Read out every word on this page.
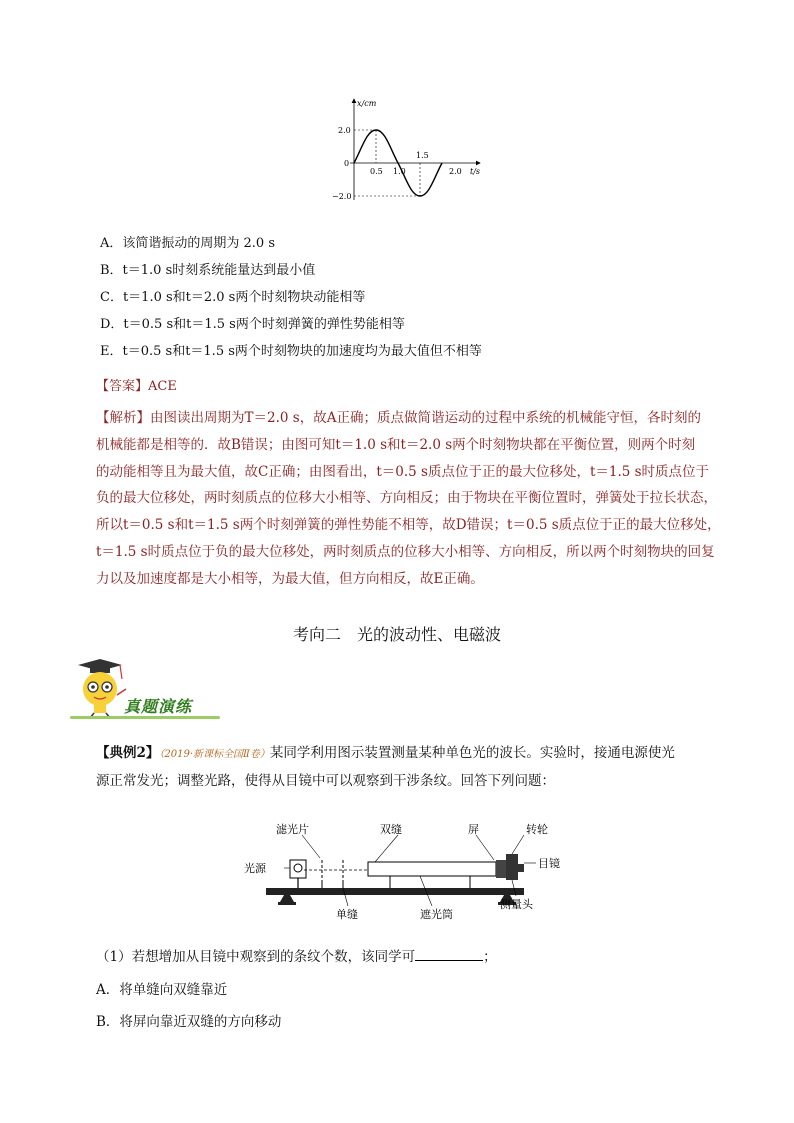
x/cm
t/s
2.0
−2.0
0
0.5 1.0
1.5
2.0
A．该简谐振动的周期为 2.0 s
B．t＝1.0 s时刻系统能量达到最小值
C．t＝1.0 s和t＝2.0 s两个时刻物块动能相等
D．t＝0.5 s和t＝1.5 s两个时刻弹簧的弹性势能相等
E．t＝0.5 s和t＝1.5 s两个时刻物块的加速度均为最大值但不相等
【答案】ACE

【解析】由图读出周期为T＝2.0 s，故A正确；质点做简谐运动的过程中系统的机械能守恒，各时刻的

机械能都是相等的．故B错误；由图可知t＝1.0 s和t＝2.0 s两个时刻物块都在平衡位置，则两个时刻

的动能相等且为最大值，故C正确；由图看出，t＝0.5 s质点位于正的最大位移处，t＝1.5 s时质点位于

负的最大位移处，两时刻质点的位移大小相等、方向相反；由于物块在平衡位置时，弹簧处于拉长状态，

所以t＝0.5 s和t＝1.5 s两个时刻弹簧的弹性势能不相等，故D错误；t＝0.5 s质点位于正的最大位移处，

t＝1.5 s时质点位于负的最大位移处，两时刻质点的位移大小相等、方向相反，所以两个时刻物块的回复

力以及加速度都是大小相等，为最大值，但方向相反，故E正确。

考向二　光的波动性、电磁波
真题演练
【典例2】（2019·新课标全国Ⅱ卷）某同学利用图示装置测量某种单色光的波长。实验时，接通电源使光
源正常发光；调整光路，使得从目镜中可以观察到干涉条纹。回答下列问题：
滤光片	双缝	屏	转轮
光源	目镜
单缝	遮光筒
测量头
（1）若想增加从目镜中观察到的条纹个数，该同学可	；
A．将单缝向双缝靠近
B．将屏向靠近双缝的方向移动
